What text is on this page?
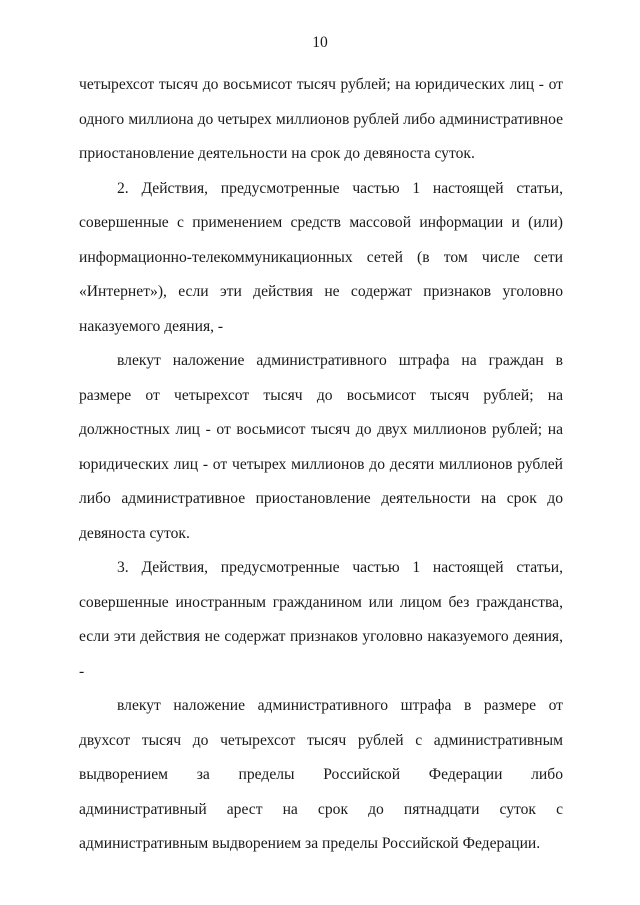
10

четырехсот тысяч до восьмисот тысяч рублей; на юридических лиц - от одного миллиона до четырех миллионов рублей либо административное приостановление деятельности на срок до девяноста суток.

2. Действия, предусмотренные частью 1 настоящей статьи, совершенные с применением средств массовой информации и (или) информационно-телекоммуникационных сетей (в том числе сети «Интернет»), если эти действия не содержат признаков уголовно наказуемого деяния, -

влекут наложение административного штрафа на граждан в размере от четырехсот тысяч до восьмисот тысяч рублей; на должностных лиц - от восьмисот тысяч до двух миллионов рублей; на юридических лиц - от четырех миллионов до десяти миллионов рублей либо административное приостановление деятельности на срок до девяноста суток.

3. Действия, предусмотренные частью 1 настоящей статьи, совершенные иностранным гражданином или лицом без гражданства, если эти действия не содержат признаков уголовно наказуемого деяния, -

влекут наложение административного штрафа в размере от двухсот тысяч до четырехсот тысяч рублей с административным выдворением за пределы Российской Федерации либо административный арест на срок до пятнадцати суток с административным выдворением за пределы Российской Федерации.
